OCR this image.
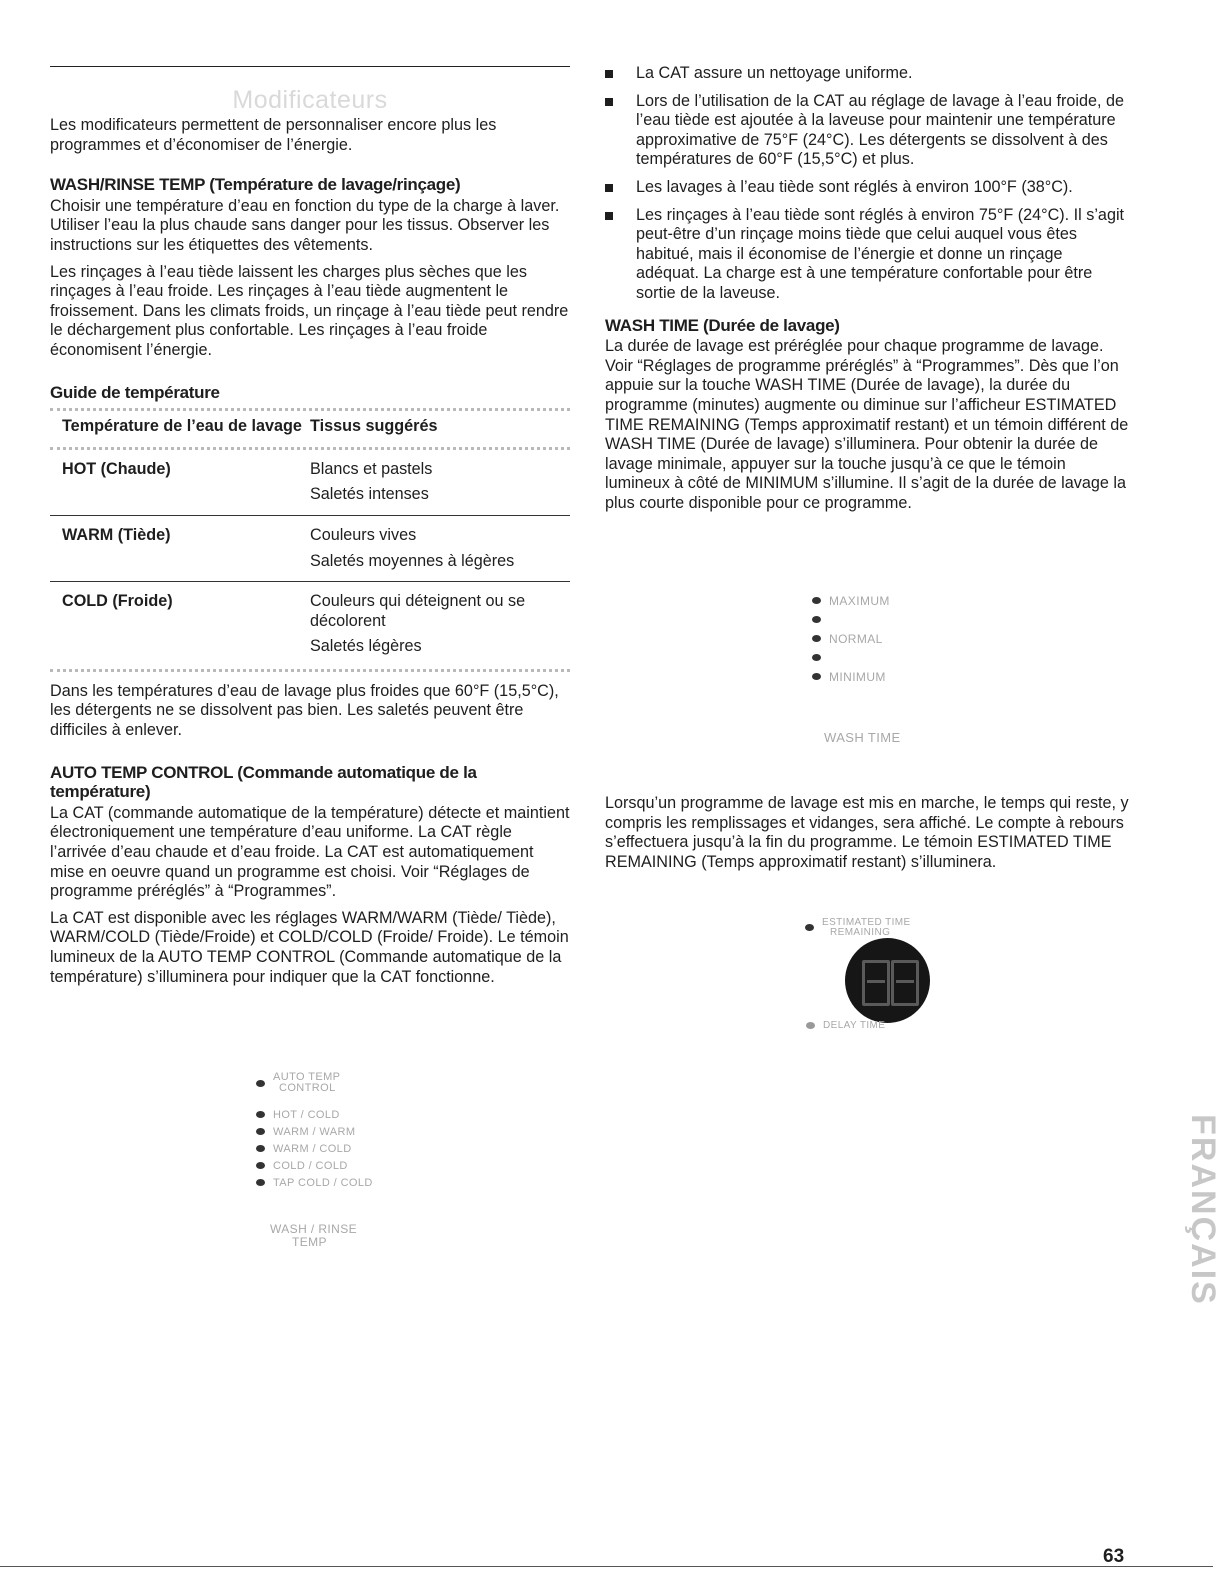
Modificateurs

Les modificateurs permettent de personnaliser encore plus les programmes et d’économiser de l’énergie.

WASH/RINSE TEMP (Température de lavage/rinçage)

Choisir une température d’eau en fonction du type de la charge à laver. Utiliser l’eau la plus chaude sans danger pour les tissus. Observer les instructions sur les étiquettes des vêtements.

Les rinçages à l’eau tiède laissent les charges plus sèches que les rinçages à l’eau froide. Les rinçages à l’eau tiède augmentent le froissement. Dans les climats froids, un rinçage à l’eau tiède peut rendre le déchargement plus confortable. Les rinçages à l’eau froide économisent l’énergie.

Guide de température
Température de l’eau de lavage	Tissus suggérés
HOT (Chaude)	Blancs et pastels
Saletés intenses

WARM (Tiède)	Couleurs vives
Saletés moyennes à légères

COLD (Froide)	Couleurs qui déteignent ou se décolorent
Saletés légères

Dans les températures d’eau de lavage plus froides que 60°F (15,5°C), les détergents ne se dissolvent pas bien. Les saletés peuvent être difficiles à enlever.

AUTO TEMP CONTROL (Commande automatique de la température)

La CAT (commande automatique de la température) détecte et maintient électroniquement une température d’eau uniforme. La CAT règle l’arrivée d’eau chaude et d’eau froide. La CAT est automatiquement mise en oeuvre quand un programme est choisi. Voir “Réglages de programme préréglés” à “Programmes”.

La CAT est disponible avec les réglages WARM/WARM (Tiède/ Tiède), WARM/COLD (Tiède/Froide) et COLD/COLD (Froide/ Froide). Le témoin lumineux de la AUTO TEMP CONTROL (Commande automatique de la température) s’illuminera pour indiquer que la CAT fonctionne.

AUTO TEMP
CONTROL
HOT / COLD
WARM / WARM
WARM / COLD
COLD / COLD
TAP COLD / COLD
WASH / RINSE
TEMP
La CAT assure un nettoyage uniforme.
Lors de l’utilisation de la CAT au réglage de lavage à l’eau froide, de l’eau tiède est ajoutée à la laveuse pour maintenir une température approximative de 75°F (24°C). Les détergents se dissolvent à des températures de 60°F (15,5°C) et plus.
Les lavages à l’eau tiède sont réglés à environ 100°F (38°C).
Les rinçages à l’eau tiède sont réglés à environ 75°F (24°C). Il s’agit peut-être d’un rinçage moins tiède que celui auquel vous êtes habitué, mais il économise de l’énergie et donne un rinçage adéquat. La charge est à une température confortable pour être sortie de la laveuse.
WASH TIME (Durée de lavage)

La durée de lavage est préréglée pour chaque programme de lavage. Voir “Réglages de programme préréglés” à “Programmes”. Dès que l’on appuie sur la touche WASH TIME (Durée de lavage), la durée du programme (minutes) augmente ou diminue sur l’afficheur ESTIMATED TIME REMAINING (Temps approximatif restant) et un témoin différent de WASH TIME (Durée de lavage) s’illuminera. Pour obtenir la durée de lavage minimale, appuyer sur la touche jusqu’à ce que le témoin lumineux à côté de MINIMUM s’illumine. Il s’agit de la durée de lavage la plus courte disponible pour ce programme.

MAXIMUM
NORMAL
MINIMUM
WASH TIME

Lorsqu’un programme de lavage est mis en marche, le temps qui reste, y compris les remplissages et vidanges, sera affiché. Le compte à rebours s’effectuera jusqu’à la fin du programme. Le témoin ESTIMATED TIME REMAINING (Temps approximatif restant) s’illuminera.

ESTIMATED TIME
REMAINING
DELAY TIME
FRANÇAIS
63
